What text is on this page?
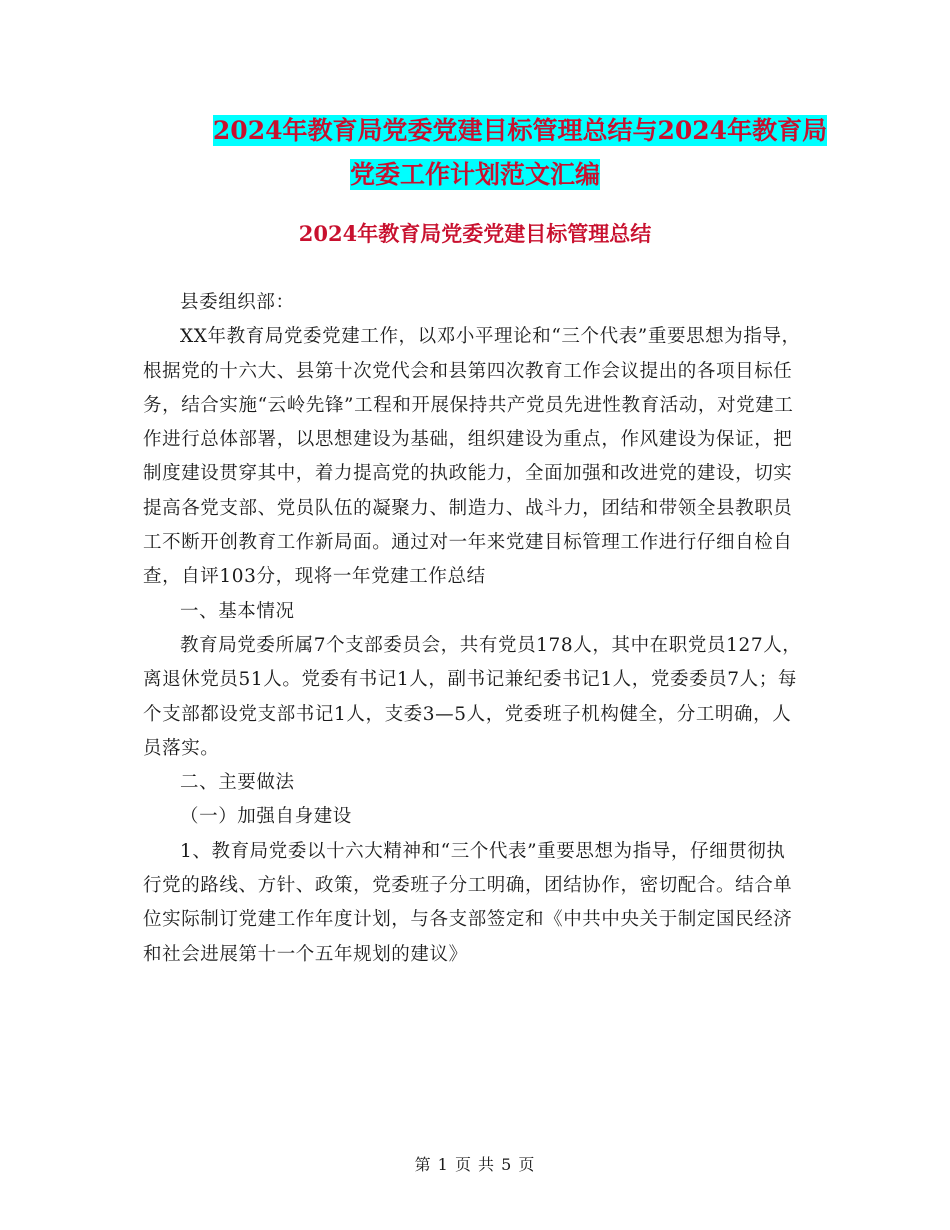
2024年教育局党委党建目标管理总结与2024年教育局
党委工作计划范文汇编
2024年教育局党委党建目标管理总结

县委组织部：

XX年教育局党委党建工作，以邓小平理论和“三个代表”重要思想为指导，根据党的十六大、县第十次党代会和县第四次教育工作会议提出的各项目标任务，结合实施“云岭先锋”工程和开展保持共产党员先进性教育活动，对党建工作进行总体部署，以思想建设为基础，组织建设为重点，作风建设为保证，把制度建设贯穿其中，着力提高党的执政能力，全面加强和改进党的建设，切实提高各党支部、党员队伍的凝聚力、制造力、战斗力，团结和带领全县教职员工不断开创教育工作新局面。通过对一年来党建目标管理工作进行仔细自检自查，自评103分，现将一年党建工作总结

一、基本情况

教育局党委所属7个支部委员会，共有党员178人，其中在职党员127人，离退休党员51人。党委有书记1人，副书记兼纪委书记1人，党委委员7人；每个支部都设党支部书记1人，支委3—5人，党委班子机构健全，分工明确，人员落实。

二、主要做法

（一）加强自身建设

1、教育局党委以十六大精神和“三个代表”重要思想为指导，仔细贯彻执行党的路线、方针、政策，党委班子分工明确，团结协作，密切配合。结合单位实际制订党建工作年度计划，与各支部签定和《中共中央关于制定国民经济和社会进展第十一个五年规划的建议》

第 1 页 共 5 页
